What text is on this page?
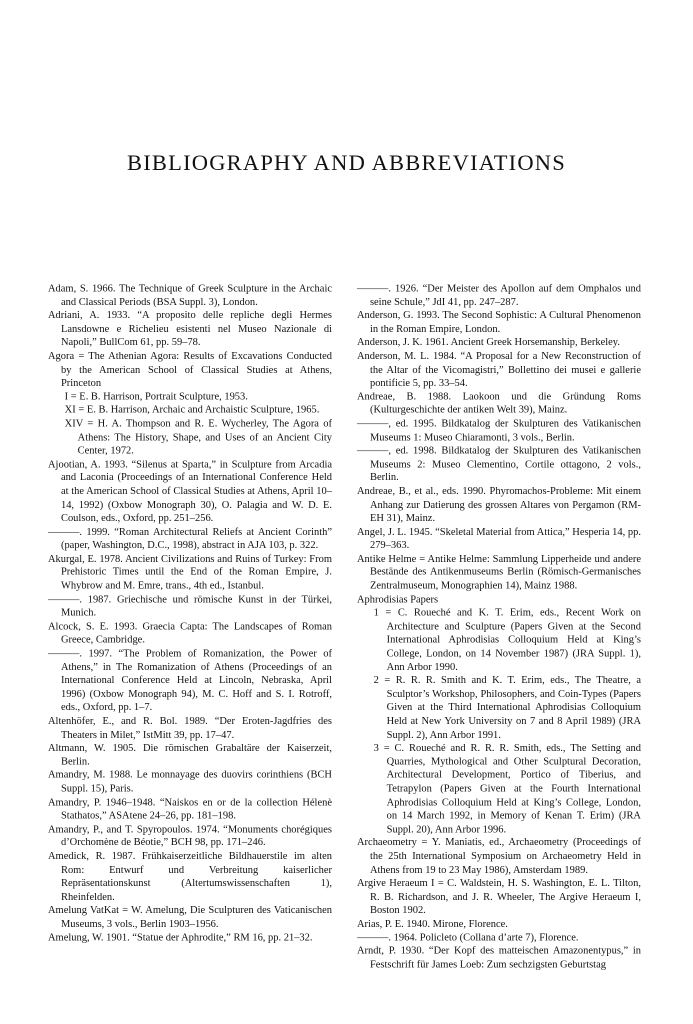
BIBLIOGRAPHY AND ABBREVIATIONS
Adam, S. 1966. The Technique of Greek Sculpture in the Archaic and Classical Periods (BSA Suppl. 3), London.
Adriani, A. 1933. “A proposito delle repliche degli Hermes Lansdowne e Richelieu esistenti nel Museo Nazionale di Napoli,” BullCom 61, pp. 59–78.
Agora = The Athenian Agora: Results of Excavations Conducted by the American School of Classical Studies at Athens, Princeton
I = E. B. Harrison, Portrait Sculpture, 1953.
XI = E. B. Harrison, Archaic and Archaistic Sculpture, 1965.
XIV = H. A. Thompson and R. E. Wycherley, The Agora of Athens: The History, Shape, and Uses of an Ancient City Center, 1972.
Ajootian, A. 1993. “Silenus at Sparta,” in Sculpture from Arcadia and Laconia (Proceedings of an International Conference Held at the American School of Classical Studies at Athens, April 10–14, 1992) (Oxbow Monograph 30), O. Palagia and W. D. E. Coulson, eds., Oxford, pp. 251–256.
———. 1999. “Roman Architectural Reliefs at Ancient Corinth” (paper, Washington, D.C., 1998), abstract in AJA 103, p. 322.
Akurgal, E. 1978. Ancient Civilizations and Ruins of Turkey: From Prehistoric Times until the End of the Roman Empire, J. Whybrow and M. Emre, trans., 4th ed., Istanbul.
———. 1987. Griechische und römische Kunst in der Türkei, Munich.
Alcock, S. E. 1993. Graecia Capta: The Landscapes of Roman Greece, Cambridge.
———. 1997. “The Problem of Romanization, the Power of Athens,” in The Romanization of Athens (Proceedings of an International Conference Held at Lincoln, Nebraska, April 1996) (Oxbow Monograph 94), M. C. Hoff and S. I. Rotroff, eds., Oxford, pp. 1–7.
Altenhöfer, E., and R. Bol. 1989. “Der Eroten-Jagdfries des Theaters in Milet,” IstMitt 39, pp. 17–47.
Altmann, W. 1905. Die römischen Grabaltäre der Kaiserzeit, Berlin.
Amandry, M. 1988. Le monnayage des duovirs corinthiens (BCH Suppl. 15), Paris.
Amandry, P. 1946–1948. “Naiskos en or de la collection Hélenè Stathatos,” ASAtene 24–26, pp. 181–198.
Amandry, P., and T. Spyropoulos. 1974. “Monuments chorégiques d’Orchomène de Béotie,” BCH 98, pp. 171–246.
Amedick, R. 1987. Frühkaiserzeitliche Bildhauerstile im alten Rom: Entwurf und Verbreitung kaiserlicher Repräsentationskunst (Altertumswissenschaften 1), Rheinfelden.
Amelung VatKat = W. Amelung, Die Sculpturen des Vaticanischen Museums, 3 vols., Berlin 1903–1956.
Amelung, W. 1901. “Statue der Aphrodite,” RM 16, pp. 21–32.
———. 1926. “Der Meister des Apollon auf dem Omphalos und seine Schule,” JdI 41, pp. 247–287.
Anderson, G. 1993. The Second Sophistic: A Cultural Phenomenon in the Roman Empire, London.
Anderson, J. K. 1961. Ancient Greek Horsemanship, Berkeley.
Anderson, M. L. 1984. “A Proposal for a New Reconstruction of the Altar of the Vicomagistri,” Bollettino dei musei e gallerie pontificie 5, pp. 33–54.
Andreae, B. 1988. Laokoon und die Gründung Roms (Kulturgeschichte der antiken Welt 39), Mainz.
———, ed. 1995. Bildkatalog der Skulpturen des Vatikanischen Museums 1: Museo Chiaramonti, 3 vols., Berlin.
———, ed. 1998. Bildkatalog der Skulpturen des Vatikanischen Museums 2: Museo Clementino, Cortile ottagono, 2 vols., Berlin.
Andreae, B., et al., eds. 1990. Phyromachos-Probleme: Mit einem Anhang zur Datierung des grossen Altares von Pergamon (RM-EH 31), Mainz.
Angel, J. L. 1945. “Skeletal Material from Attica,” Hesperia 14, pp. 279–363.
Antike Helme = Antike Helme: Sammlung Lipperheide und andere Bestände des Antikenmuseums Berlin (Römisch-Germanisches Zentralmuseum, Monographien 14), Mainz 1988.
Aphrodisias Papers
1 = C. Roueché and K. T. Erim, eds., Recent Work on Architecture and Sculpture (Papers Given at the Second International Aphrodisias Colloquium Held at King’s College, London, on 14 November 1987) (JRA Suppl. 1), Ann Arbor 1990.
2 = R. R. R. Smith and K. T. Erim, eds., The Theatre, a Sculptor’s Workshop, Philosophers, and Coin-Types (Papers Given at the Third International Aphrodisias Colloquium Held at New York University on 7 and 8 April 1989) (JRA Suppl. 2), Ann Arbor 1991.
3 = C. Roueché and R. R. R. Smith, eds., The Setting and Quarries, Mythological and Other Sculptural Decoration, Architectural Development, Portico of Tiberius, and Tetrapylon (Papers Given at the Fourth International Aphrodisias Colloquium Held at King’s College, London, on 14 March 1992, in Memory of Kenan T. Erim) (JRA Suppl. 20), Ann Arbor 1996.
Archaeometry = Y. Maniatis, ed., Archaeometry (Proceedings of the 25th International Symposium on Archaeometry Held in Athens from 19 to 23 May 1986), Amsterdam 1989.
Argive Heraeum I = C. Waldstein, H. S. Washington, E. L. Tilton, R. B. Richardson, and J. R. Wheeler, The Argive Heraeum I, Boston 1902.
Arias, P. E. 1940. Mirone, Florence.
———. 1964. Policleto (Collana d’arte 7), Florence.
Arndt, P. 1930. “Der Kopf des matteischen Amazonentypus,” in Festschrift für James Loeb: Zum sechzigsten Geburtstag
